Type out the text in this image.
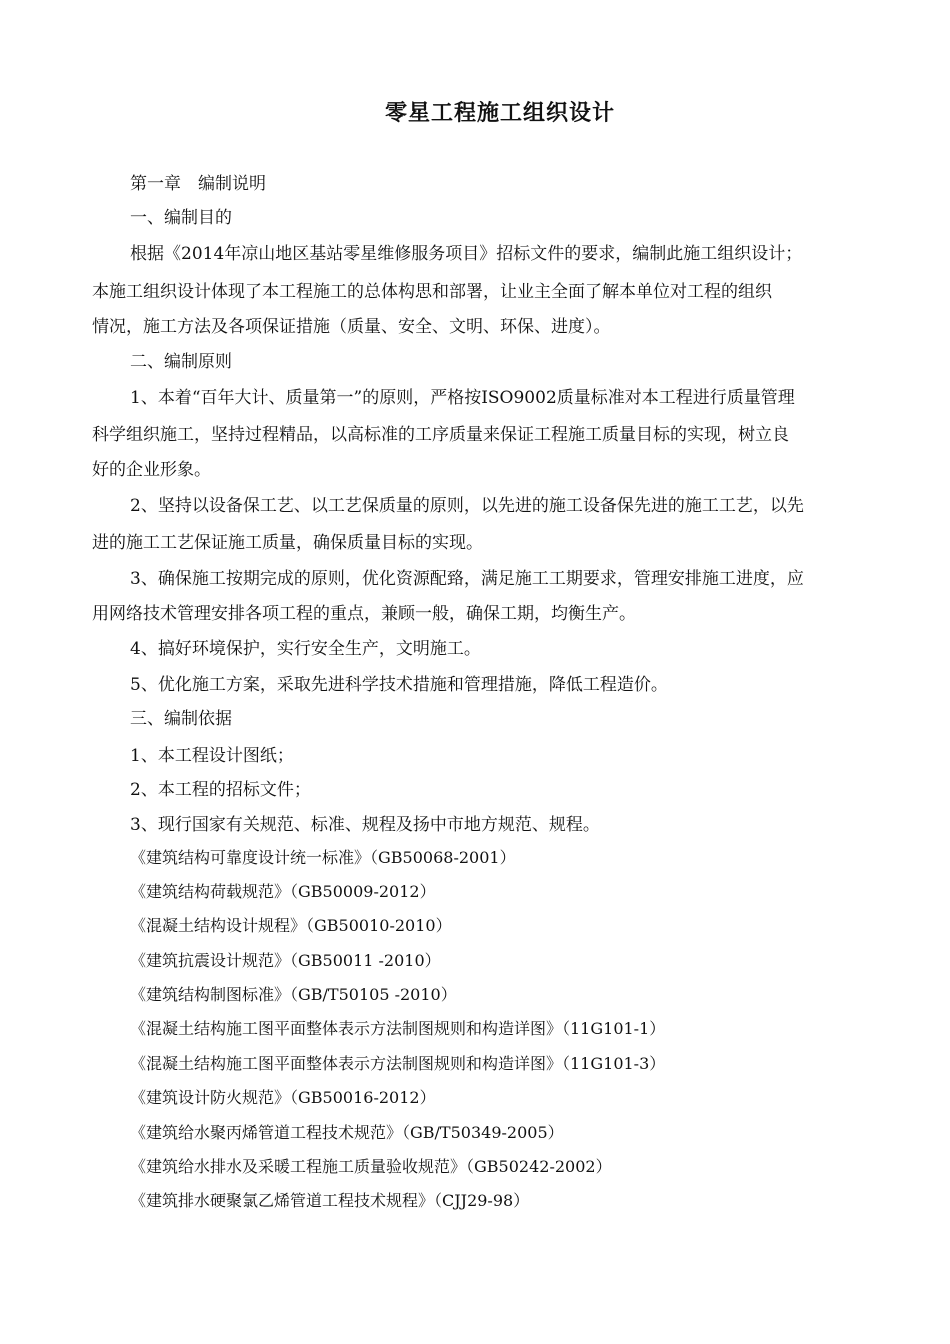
零星工程施工组织设计
第一章　编制说明
一、编制目的
根据《2014年凉山地区基站零星维修服务项目》招标文件的要求，编制此施工组织设计；
本施工组织设计体现了本工程施工的总体构思和部署，让业主全面了解本单位对工程的组织
情况，施工方法及各项保证措施（质量、安全、文明、环保、进度）。
二、编制原则
1、本着“百年大计、质量第一”的原则，严格按ISO9002质量标准对本工程进行质量管理
科学组织施工，坚持过程精品，以高标准的工序质量来保证工程施工质量目标的实现，树立良
好的企业形象。
2、坚持以设备保工艺、以工艺保质量的原则，以先进的施工设备保先进的施工工艺，以先
进的施工工艺保证施工质量，确保质量目标的实现。
3、确保施工按期完成的原则，优化资源配臵，满足施工工期要求，管理安排施工进度，应
用网络技术管理安排各项工程的重点，兼顾一般，确保工期，均衡生产。
4、搞好环境保护，实行安全生产，文明施工。
5、优化施工方案，采取先进科学技术措施和管理措施，降低工程造价。
三、编制依据
1、本工程设计图纸；
2、本工程的招标文件；
3、现行国家有关规范、标准、规程及扬中市地方规范、规程。
《建筑结构可靠度设计统一标准》（GB50068-2001）
《建筑结构荷载规范》（GB50009-2012）
《混凝土结构设计规程》（GB50010-2010）
《建筑抗震设计规范》（GB50011 -2010）
《建筑结构制图标准》（GB/T50105 -2010）
《混凝土结构施工图平面整体表示方法制图规则和构造详图》（11G101-1）
《混凝土结构施工图平面整体表示方法制图规则和构造详图》（11G101-3）
《建筑设计防火规范》（GB50016-2012）
《建筑给水聚丙烯管道工程技术规范》（GB/T50349-2005）
《建筑给水排水及采暖工程施工质量验收规范》（GB50242-2002）
《建筑排水硬聚氯乙烯管道工程技术规程》（CJJ29-98）
